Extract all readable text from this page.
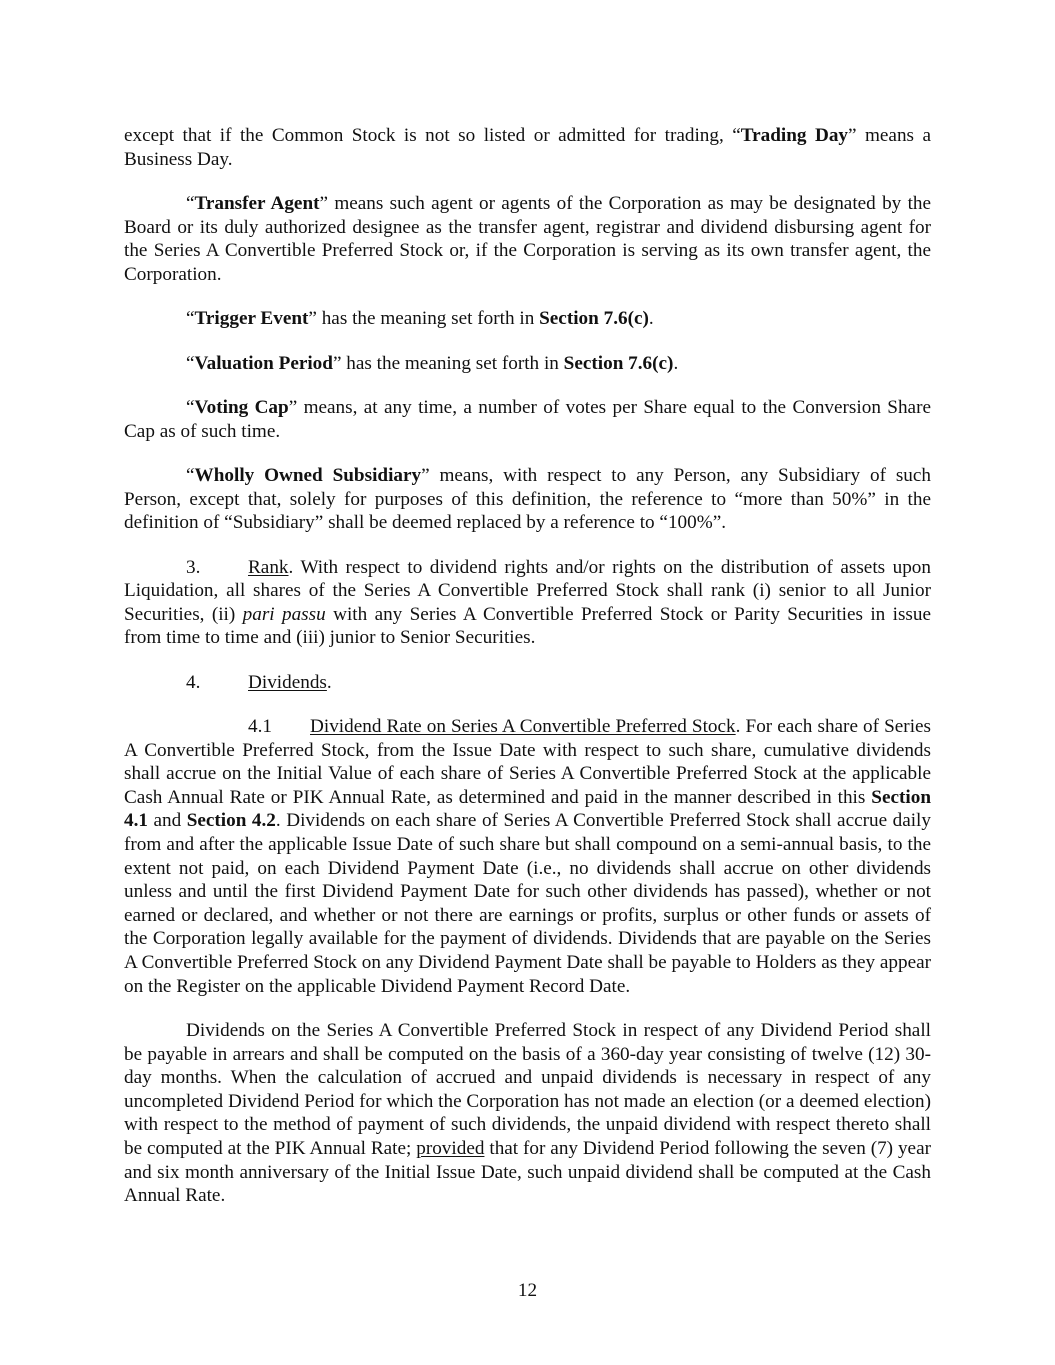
except that if the Common Stock is not so listed or admitted for trading, “Trading Day” means a Business Day.

“Transfer Agent” means such agent or agents of the Corporation as may be designated by the Board or its duly authorized designee as the transfer agent, registrar and dividend disbursing agent for the Series A Convertible Preferred Stock or, if the Corporation is serving as its own transfer agent, the Corporation.

“Trigger Event” has the meaning set forth in Section 7.6(c).

“Valuation Period” has the meaning set forth in Section 7.6(c).

“Voting Cap” means, at any time, a number of votes per Share equal to the Conversion Share Cap as of such time.

“Wholly Owned Subsidiary” means, with respect to any Person, any Subsidiary of such Person, except that, solely for purposes of this definition, the reference to “more than 50%” in the definition of “Subsidiary” shall be deemed replaced by a reference to “100%”.

3. Rank. With respect to dividend rights and/or rights on the distribution of assets upon Liquidation, all shares of the Series A Convertible Preferred Stock shall rank (i) senior to all Junior Securities, (ii) pari passu with any Series A Convertible Preferred Stock or Parity Securities in issue from time to time and (iii) junior to Senior Securities.

4. Dividends.

4.1 Dividend Rate on Series A Convertible Preferred Stock. For each share of Series A Convertible Preferred Stock, from the Issue Date with respect to such share, cumulative dividends shall accrue on the Initial Value of each share of Series A Convertible Preferred Stock at the applicable Cash Annual Rate or PIK Annual Rate, as determined and paid in the manner described in this Section 4.1 and Section 4.2. Dividends on each share of Series A Convertible Preferred Stock shall accrue daily from and after the applicable Issue Date of such share but shall compound on a semi-annual basis, to the extent not paid, on each Dividend Payment Date (i.e., no dividends shall accrue on other dividends unless and until the first Dividend Payment Date for such other dividends has passed), whether or not earned or declared, and whether or not there are earnings or profits, surplus or other funds or assets of the Corporation legally available for the payment of dividends. Dividends that are payable on the Series A Convertible Preferred Stock on any Dividend Payment Date shall be payable to Holders as they appear on the Register on the applicable Dividend Payment Record Date.

Dividends on the Series A Convertible Preferred Stock in respect of any Dividend Period shall be payable in arrears and shall be computed on the basis of a 360-day year consisting of twelve (12) 30-day months. When the calculation of accrued and unpaid dividends is necessary in respect of any uncompleted Dividend Period for which the Corporation has not made an election (or a deemed election) with respect to the method of payment of such dividends, the unpaid dividend with respect thereto shall be computed at the PIK Annual Rate; provided that for any Dividend Period following the seven (7) year and six month anniversary of the Initial Issue Date, such unpaid dividend shall be computed at the Cash Annual Rate.

12
